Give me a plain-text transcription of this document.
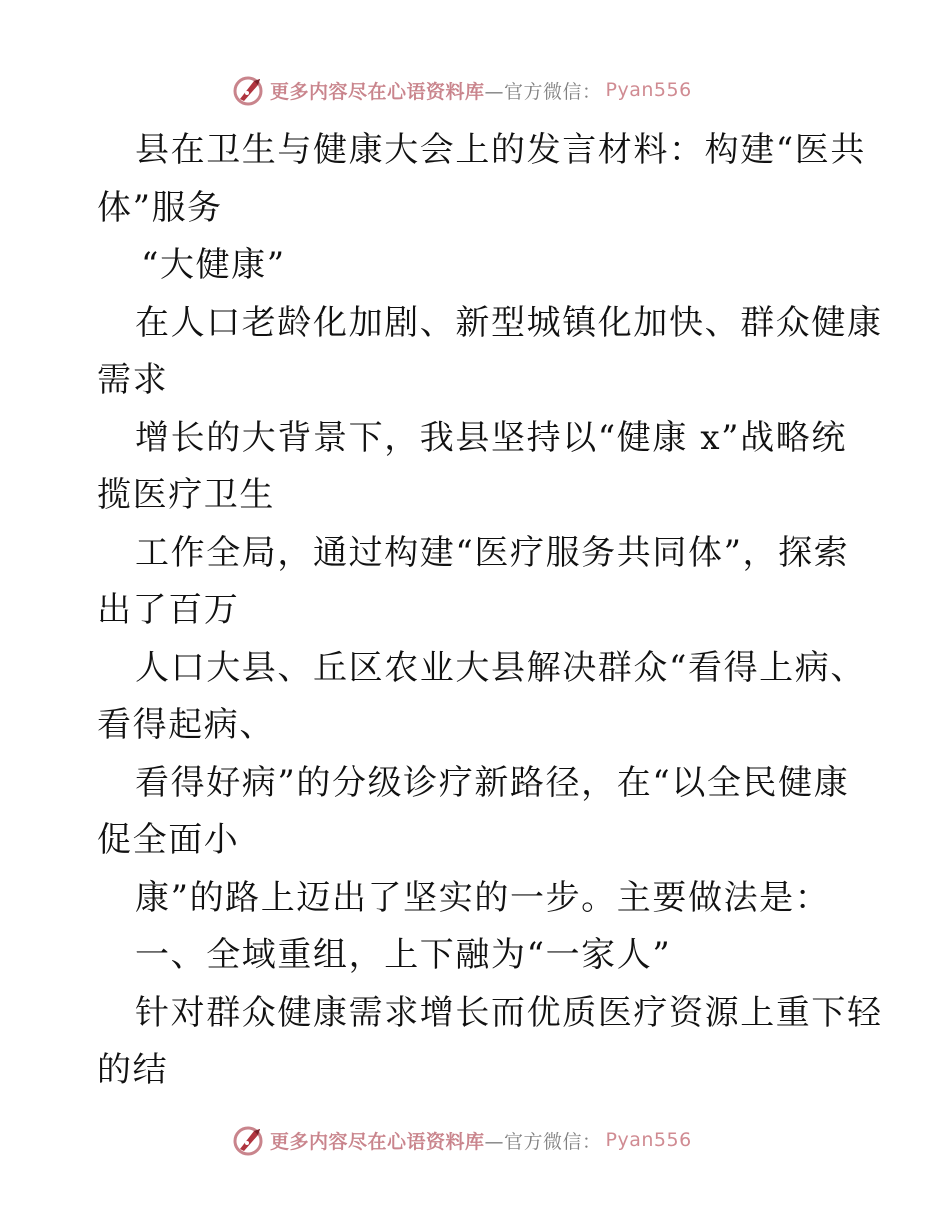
更多内容尽在心语资料库 —官方微信： Pyan556
县在卫生与健康大会上的发言材料：构建“医共
体”服务
“大健康”
在人口老龄化加剧、新型城镇化加快、群众健康
需求
增长的大背景下，我县坚持以“健康 x”战略统
揽医疗卫生
工作全局，通过构建“医疗服务共同体”，探索
出了百万
人口大县、丘区农业大县解决群众“看得上病、
看得起病、
看得好病”的分级诊疗新路径，在“以全民健康
促全面小
康”的路上迈出了坚实的一步。主要做法是：
一、全域重组，上下融为“一家人”
针对群众健康需求增长而优质医疗资源上重下轻
的结
更多内容尽在心语资料库 —官方微信： Pyan556
